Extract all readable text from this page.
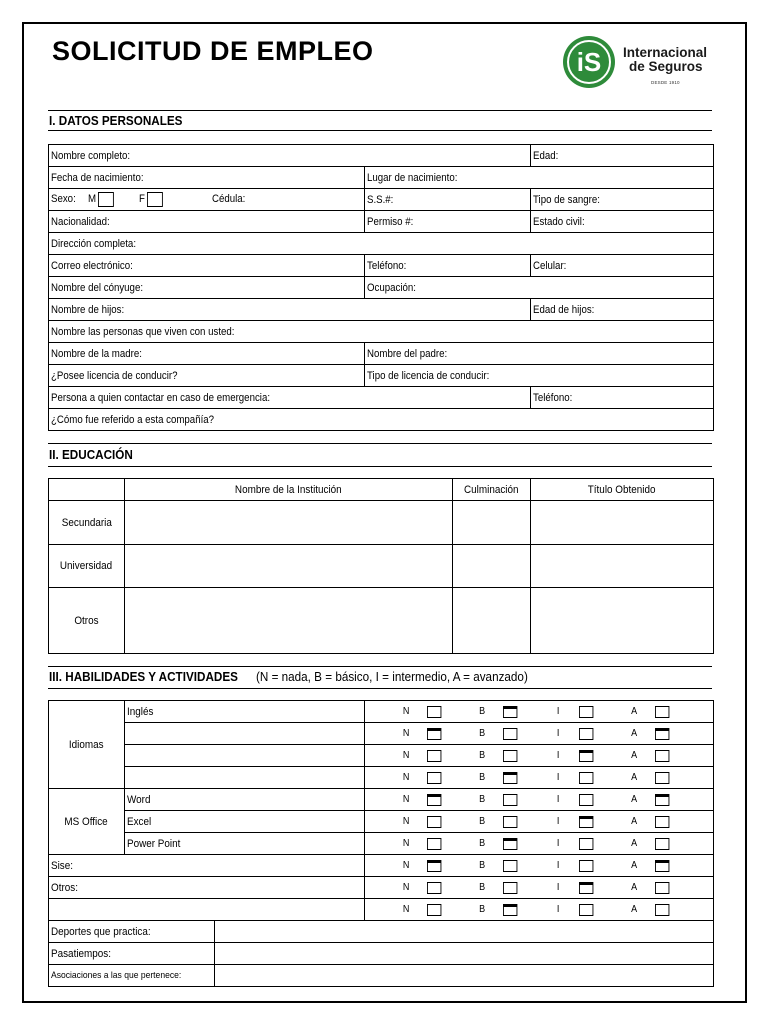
SOLICITUD DE EMPLEO	iS Internacional
de Seguros
DESDE 1910
I. DATOS PERSONALES
Nombre completo:		Edad:
Fecha de nacimiento:	Lugar de nacimiento:	
Sexo: M F Cédula:	S.S.#:	Tipo de sangre:
Nacionalidad:	Permiso #:	Estado civil:
Dirección completa:		
Correo electrónico:	Teléfono:	Celular:
Nombre del cónyuge:	Ocupación:	
Nombre de hijos:		Edad de hijos:
Nombre las personas que viven con usted:		
Nombre de la madre:	Nombre del padre:	
¿Posee licencia de conducir?	Tipo de licencia de conducir:	
Persona a quien contactar en caso de emergencia:		Teléfono:
¿Cómo fue referido a esta compañía?		
II. EDUCACIÓN
	Nombre de la Institución	Culminación	Título Obtenido
Secundaria			
Universidad			
Otros			
III. HABILIDADES Y ACTIVIDADES (N = nada, B = básico, I = intermedio, A = avanzado)
Idiomas	Inglés		N B I A
			N B I A
			N B I A
			N B I A
MS Office	Word		N B I A
	Excel		N B I A
	Power Point		N B I A
Sise:			N B I A
Otros:			N B I A
			N B I A
Deportes que practica:			
Pasatiempos:			
Asociaciones a las que pertenece:			
